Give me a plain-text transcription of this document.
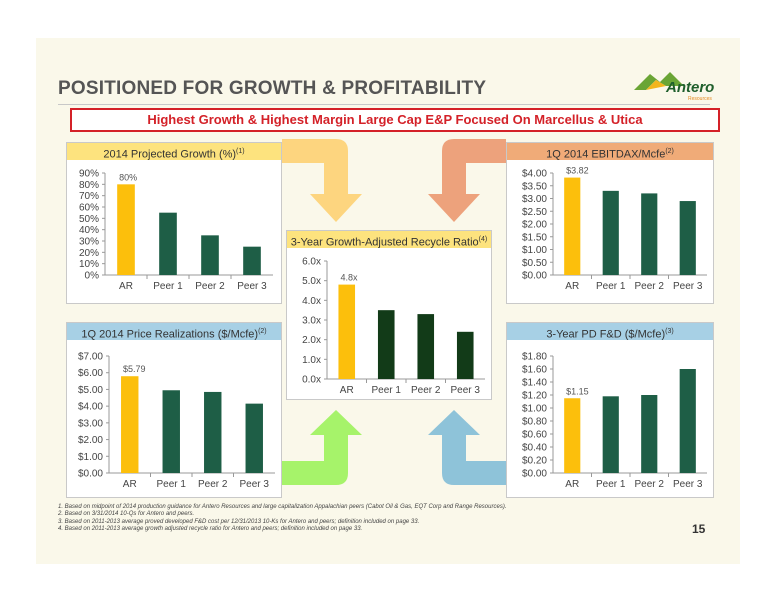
POSITIONED FOR GROWTH & PROFITABILITY	Antero
Resources
Highest Growth & Highest Margin Large Cap E&P Focused On Marcellus & Utica
2014 Projected Growth (%)$^{(1)}$
0%
10%
20%
30%
40%
50%
60%
70%
80%
90%
AR
80%
Peer 1 Peer 2 Peer 3
1Q 2014 EBITDAX/Mcfe$^{(2)}$
$0.00
$0.50
$1.00
$1.50
$2.00
$2.50
$3.00
$3.50
$4.00
AR
$3.82
Peer 1 Peer 2 Peer 3
3-Year Growth-Adjusted Recycle Ratio$^{(4)}$
0.0x
1.0x
2.0x
3.0x
4.0x
5.0x
6.0x
AR
4.8x
Peer 1 Peer 2 Peer 3
1Q 2014 Price Realizations ($/Mcfe)$^{(2)}$
$0.00
$1.00
$2.00
$3.00
$4.00
$5.00
$6.00
$7.00
AR
$5.79
Peer 1 Peer 2 Peer 3
3-Year PD F&D ($/Mcfe)$^{(3)}$
$0.00
$0.20
$0.40
$0.60
$0.80
$1.00
$1.20
$1.40
$1.60
$1.80
AR
$1.15
Peer 1 Peer 2 Peer 3
1. Based on midpoint of 2014 production guidance for Antero Resources and large capitalization Appalachian peers (Cabot Oil & Gas, EQT Corp and Range Resources).
2. Based on 3/31/2014 10-Qs for Antero and peers.
3. Based on 2011-2013 average proved developed F&D cost per 12/31/2013 10-Ks for Antero and peers; definition included on page 33.
4. Based on 2011-2013 average growth adjusted recycle ratio for Antero and peers; definition included on page 33.	15
